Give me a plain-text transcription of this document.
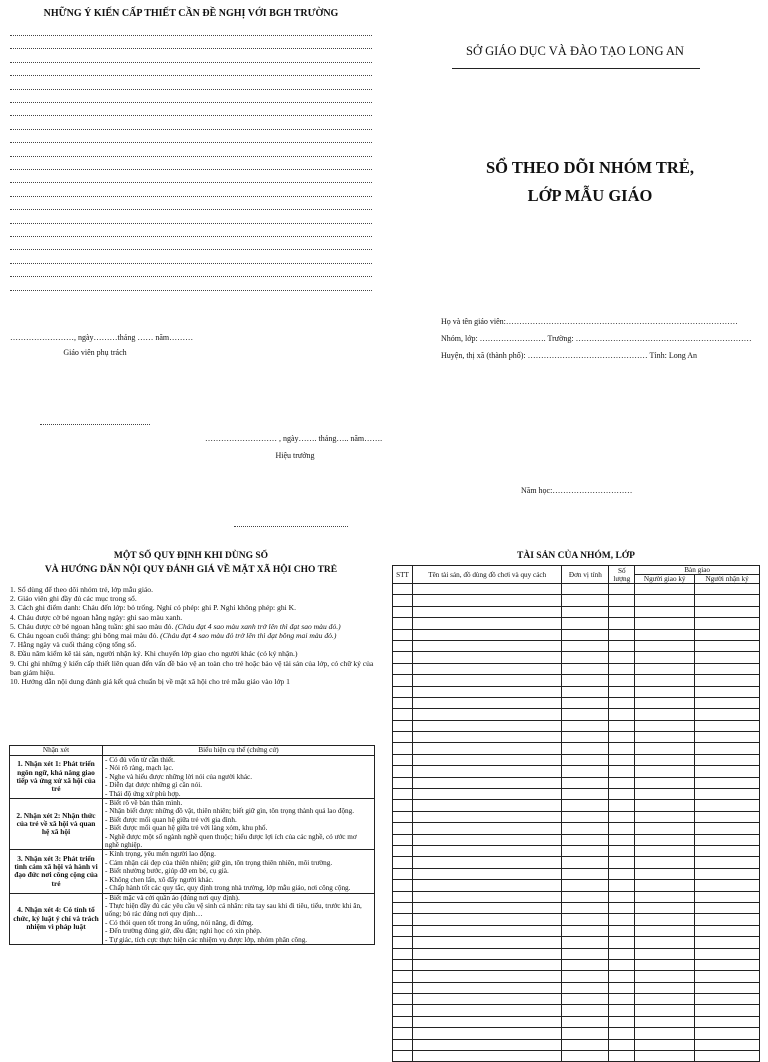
NHỮNG Ý KIẾN CẤP THIẾT CẦN ĐỀ NGHỊ VỚI BGH TRƯỜNG
……………………, ngày………tháng …… năm………
Giáo viên phụ trách
……………………… , ngày……. tháng….. năm…….
Hiệu trưởng
SỞ GIÁO DỤC VÀ ĐÀO TẠO LONG AN
SỔ THEO DÕI NHÓM TRẺ,
LỚP MẪU GIÁO
Họ và tên giáo viên:……………………………………………………………………………
Nhóm, lớp: ……………………. Trường: …………………………………………………………
Huyện, thị xã (thành phố): ……………………………………… Tỉnh: Long An
Năm học:…………………………
MỘT SỐ QUY ĐỊNH KHI DÙNG SỔ
VÀ HƯỚNG DẪN NỘI QUY ĐÁNH GIÁ VỀ MẶT XÃ HỘI CHO TRẺ
1. Sổ dùng để theo dõi nhóm trẻ, lớp mẫu giáo.
2. Giáo viên ghi đầy đủ các mục trong sổ.
3. Cách ghi điểm danh: Cháu đến lớp: bỏ trống. Nghỉ có phép: ghi P. Nghỉ không phép: ghi K.
4. Cháu được cờ bé ngoan hằng ngày: ghi sao màu xanh.
5. Cháu được cờ bé ngoan hằng tuần: ghi sao màu đỏ. (Cháu đạt 4 sao màu xanh trở lên thì đạt sao màu đỏ.)
6. Cháu ngoan cuối tháng: ghi bông mai màu đỏ. (Cháu đạt 4 sao màu đỏ trở lên thì đạt bông mai màu đỏ.)
7. Hằng ngày và cuối tháng cộng tổng số.
8. Đầu năm kiểm kê tài sản, người nhận ký. Khi chuyển lớp giao cho người khác (có ký nhận.)
9. Chỉ ghi những ý kiến cấp thiết liên quan đến vấn đề bảo vệ an toàn cho trẻ hoặc bảo vệ tài sản của lớp, có chữ ký của ban giám hiệu.
10. Hướng dẫn nội dung đánh giá kết quả chuẩn bị về mặt xã hội cho trẻ mẫu giáo vào lớp 1
Nhận xét	Biểu hiện cụ thể (chứng cứ)
1. Nhận xét 1: Phát triển ngôn ngữ, khả năng giao tiếp và ứng xử xã hội của trẻ	- Có đủ vốn từ cần thiết.
- Nói rõ ràng, mạch lạc.
- Nghe và hiểu được những lời nói của người khác.
- Diễn đạt được những gì cần nói.
- Thái độ ứng xử phù hợp.

2. Nhận xét 2: Nhận thức của trẻ về xã hội và quan hệ xã hội	- Biết rõ về bản thân mình.
- Nhận biết được những đồ vật, thiên nhiên; biết giữ gìn, tôn trọng thành quả lao động.
- Biết được mối quan hệ giữa trẻ với gia đình.
- Biết được mối quan hệ giữa trẻ với làng xóm, khu phố.
- Nghề được một số ngành nghề quen thuộc; hiểu được lợi ích của các nghề, có ước mơ nghề nghiệp.

3. Nhận xét 3: Phát triển tình cảm xã hội và hành vi đạo đức nơi công cộng của trẻ	- Kính trọng, yêu mến người lao động.
- Cảm nhận cái đẹp của thiên nhiên; giữ gìn, tôn trọng thiên nhiên, môi trường.
- Biết nhường bước, giúp đỡ em bé, cụ già.
- Không chen lấn, xô đẩy người khác.
- Chấp hành tốt các quy tắc, quy định trong nhà trường, lớp mẫu giáo, nơi công cộng.

4. Nhận xét 4: Có tính tổ chức, kỷ luật ý chí và trách nhiệm vì pháp luật	- Biết mặc và cởi quần áo (đúng nơi quy định).
- Thực hiện đầy đủ các yêu cầu vệ sinh cá nhân: rửa tay sau khi đi tiêu, tiểu, trước khi ăn, uống; bỏ rác đúng nơi quy định…
- Có thói quen tốt trong ăn uống, nói năng, đi đứng.
- Đến trường đúng giờ, đều đặn; nghỉ học có xin phép.
- Tự giác, tích cực thực hiện các nhiệm vụ được lớp, nhóm phân công.
TÀI SẢN CỦA NHÓM, LỚP
STT	Tên tài sản, đồ dùng đồ chơi và quy cách	Đơn vị tính	Số lượng	Bàn giao	
				Người giao ký	Người nhận ký
